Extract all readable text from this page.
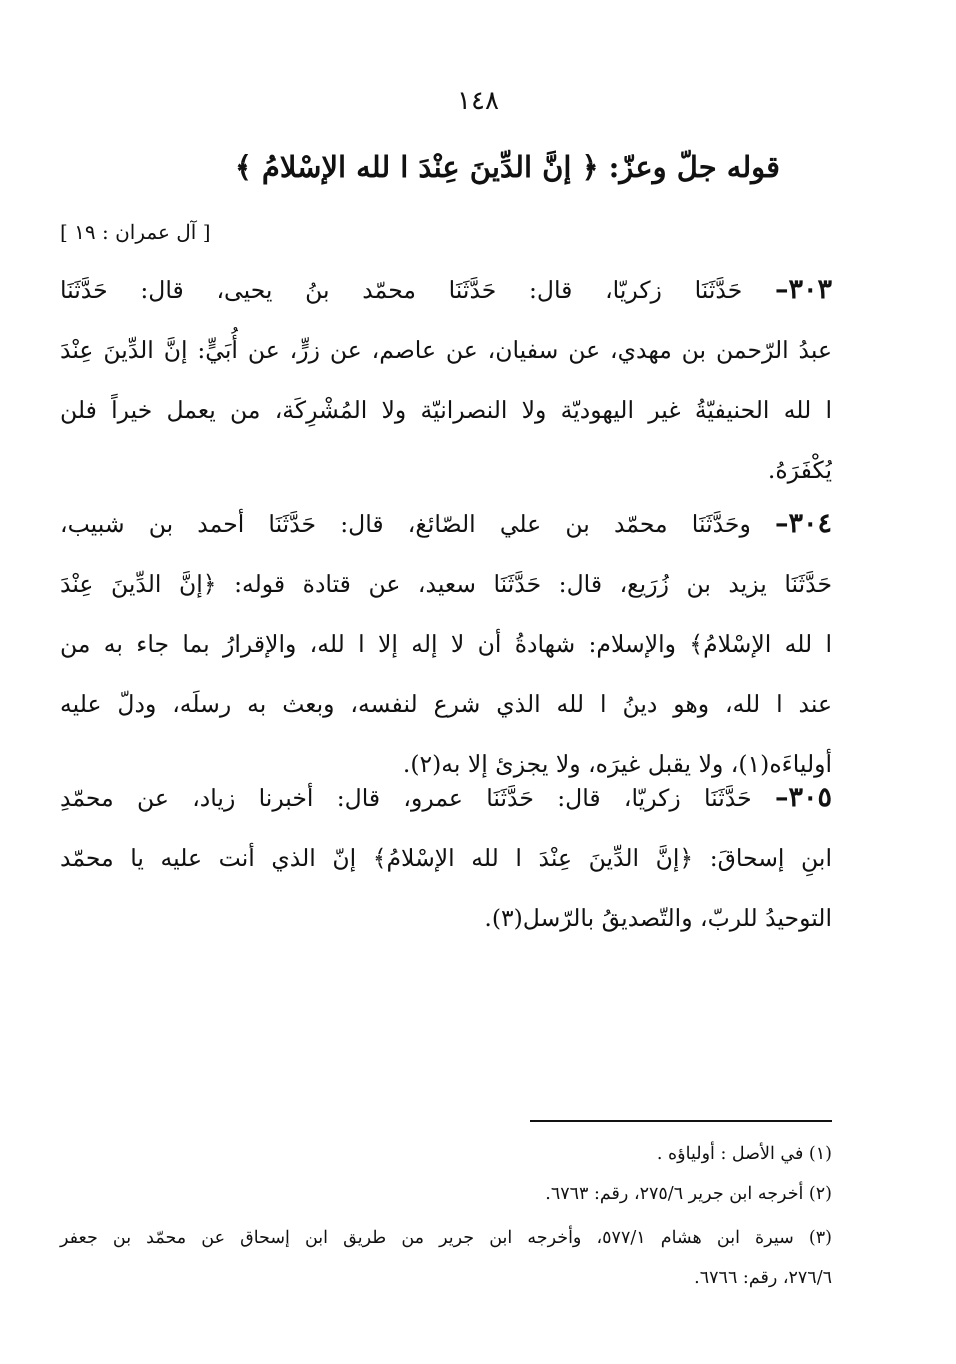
١٤٨
قوله جلّ وعزّ: ﴿ إنَّ الدِّينَ عِنْدَ ا لله الإسْلامُ ﴾
[ آل عمران : ١٩ ]
٣٠٣– حَدَّثَنَا زكريّا، قال: حَدَّثَنَا محمّد بنُ يحيى، قال: حَدَّثَنَا
عبدُ الرّحمن بن مهدي، عن سفيان، عن عاصم، عن زرٍّ، عن أُبَيٍّ: إنَّ الدِّينَ عِنْدَ
ا لله الحنيفيّةُ غير اليهوديّة ولا النصرانيّة ولا المُشْرِكَة، من يعمل خيراً فلن
يُكْفَرَهُ.
٣٠٤– وحَدَّثَنَا محمّد بن علي الصّائغ، قال: حَدَّثَنَا أحمد بن شبيب،
حَدَّثَنَا يزيد بن زُرَيع، قال: حَدَّثَنَا سعيد، عن قتادة قوله: ﴿إنَّ الدِّينَ عِنْدَ
ا لله الإسْلامُ﴾ والإسلام: شهادةُ أن لا إله إلا ا لله، والإقرارُ بما جاء به من
عند ا لله، وهو دينُ ا لله الذي شرع لنفسه، وبعث به رسلَه، ودلّ عليه
أولياءَه(١)، ولا يقبل غيرَه، ولا يجزئ إلا به(٢).
٣٠٥– حَدَّثَنَا زكريّا، قال: حَدَّثَنَا عمرو، قال: أخبرنا زياد، عن محمّدِ
ابنِ إسحاقَ: ﴿إنَّ الدِّينَ عِنْدَ ا لله الإسْلامُ﴾ إنّ الذي أنت عليه يا محمّد
التوحيدُ للربّ، والتّصديقُ بالرّسل(٣).
(١) في الأصل : أولياؤه .
(٢) أخرجه ابن جرير ٢٧٥/٦، رقم: ٦٧٦٣.
(٣) سيرة ابن هشام ٥٧٧/١، وأخرجه ابن جرير من طريق ابن إسحاق عن محمّد بن جعفر
٢٧٦/٦، رقم: ٦٧٦٦.
